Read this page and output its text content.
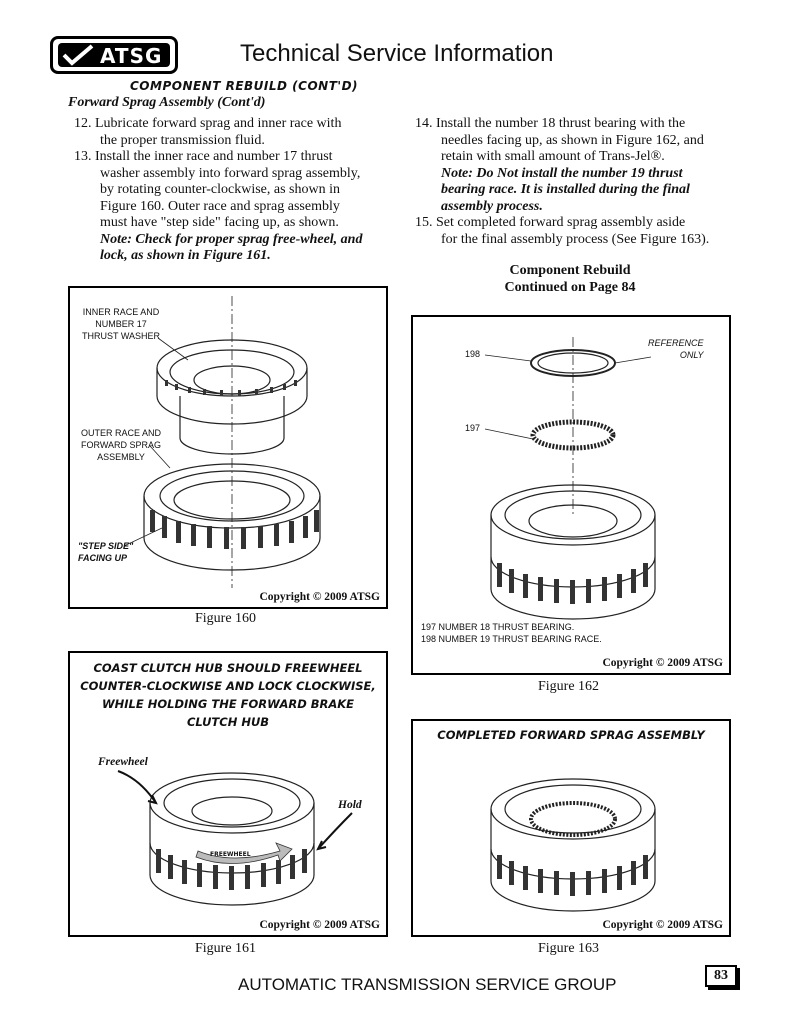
ATSG	Technical Service Information
COMPONENT REBUILD (CONT'D)
Forward Sprag Assembly (Cont'd)

12. Lubricate forward sprag and inner race with

the proper transmission fluid.

13. Install the inner race and number 17 thrust

washer assembly into forward sprag assembly,

by rotating counter-clockwise, as shown in

Figure 160. Outer race and sprag assembly

must have "step side" facing up, as shown.

Note: Check for proper sprag free-wheel, and

lock, as shown in Figure 161.

14. Install the number 18 thrust bearing with the

needles facing up, as shown in Figure 162, and

retain with small amount of Trans-Jel®.

Note: Do Not install the number 19 thrust

bearing race. It is installed during the final

assembly process.

15. Set completed forward sprag assembly aside

for the final assembly process (See Figure 163).

Component Rebuild
Continued on Page 84
INNER RACE AND
NUMBER 17
THRUST WASHER
OUTER RACE AND
FORWARD SPRAG
ASSEMBLY
"STEP SIDE"
FACING UP
Copyright © 2009 ATSG
Figure 160
198
197
REFERENCE
ONLY
197 NUMBER 18 THRUST BEARING.
198 NUMBER 19 THRUST BEARING RACE.
Copyright © 2009 ATSG
Figure 162
COAST CLUTCH HUB SHOULD FREEWHEEL
COUNTER-CLOCKWISE AND LOCK CLOCKWISE,
WHILE HOLDING THE FORWARD BRAKE
CLUTCH HUB
Freewheel
Hold
FREEWHEEL
Copyright © 2009 ATSG
Figure 161
COMPLETED FORWARD SPRAG ASSEMBLY
Copyright © 2009 ATSG
Figure 163
AUTOMATIC TRANSMISSION SERVICE GROUP	83
